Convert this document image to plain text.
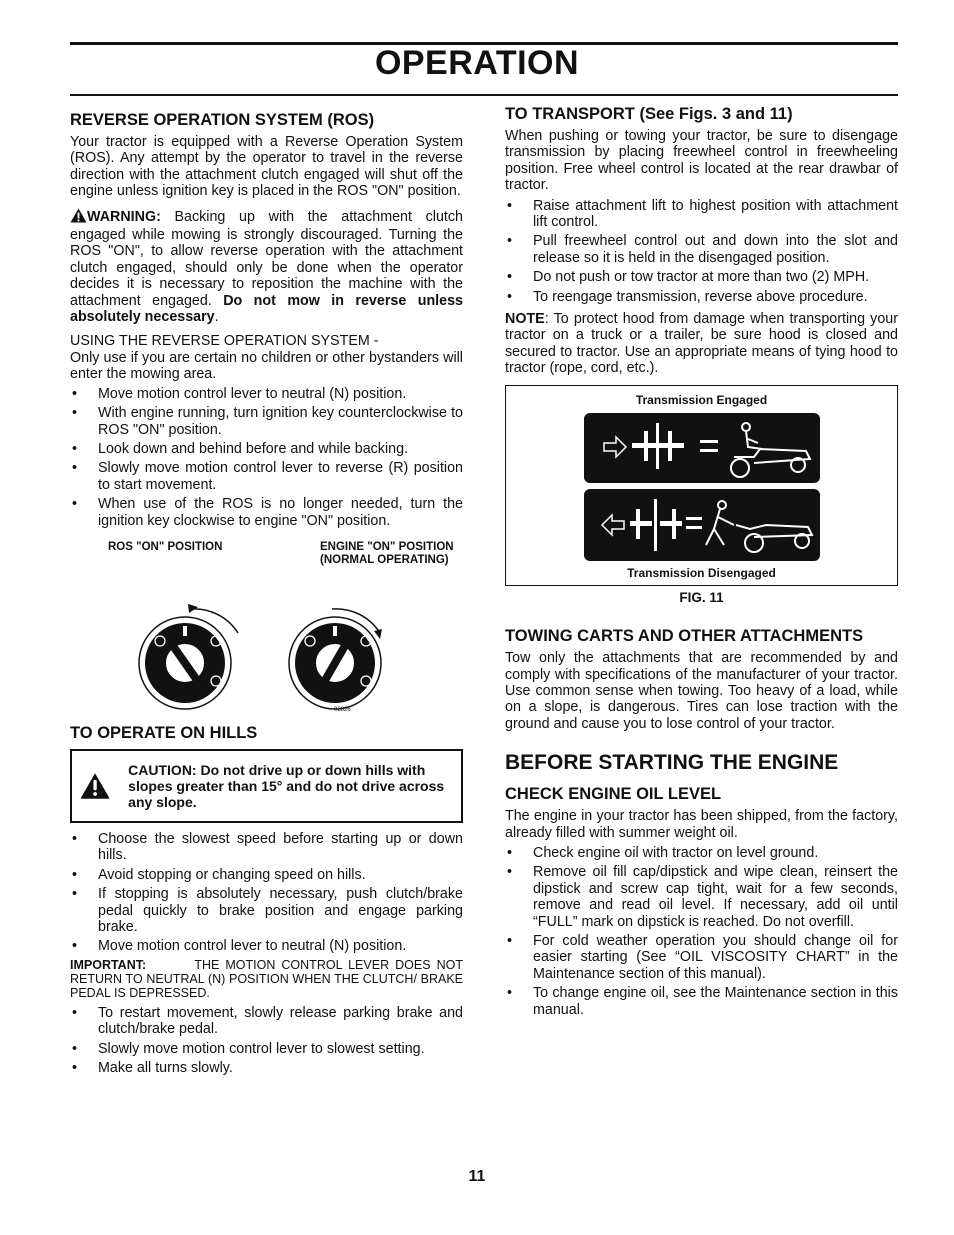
OPERATION
REVERSE OPERATION SYSTEM (ROS)

Your tractor is equipped with a Reverse Operation System (ROS). Any attempt by the operator to travel in the reverse direction with the attachment clutch engaged will shut off the engine unless ignition key is placed in the ROS "ON" position.

WARNING: Backing up with the attachment clutch engaged while mowing is strongly discouraged. Turning the ROS "ON", to allow reverse operation with the attachment clutch engaged, should only be done when the operator decides it is necessary to reposition the machine with the attachment engaged. Do not mow in reverse unless absolutely necessary.

USING THE REVERSE OPERATION SYSTEM -

Only use if you are certain no children or other bystanders will enter the mowing area.

• Move motion control lever to neutral (N) position.
• With engine running, turn ignition key counterclockwise to ROS "ON" position.
• Look down and behind before and while backing.
• Slowly move motion control lever to reverse (R) position to start movement.
• When use of the ROS is no longer needed, turn the ignition key clockwise to engine "ON" position.
ROS "ON" POSITION	ENGINE "ON" POSITION
(NORMAL OPERATING)
02826
TO OPERATE ON HILLS
CAUTION: Do not drive up or down hills with slopes greater than 15° and do not drive across any slope.
• Choose the slowest speed before starting up or down hills.
• Avoid stopping or changing speed on hills.
• If stopping is absolutely necessary, push clutch/brake pedal quickly to brake position and engage parking brake.
• Move motion control lever to neutral (N) position.

IMPORTANT:	THE MOTION CONTROL LEVER DOES NOT RETURN TO NEUTRAL (N) POSITION WHEN THE CLUTCH/ BRAKE PEDAL IS DEPRESSED.

• To restart movement, slowly release parking brake and clutch/brake pedal.
• Slowly move motion control lever to slowest setting.
• Make all turns slowly.
TO TRANSPORT (See Figs. 3 and 11)

When pushing or towing your tractor, be sure to disengage transmission by placing freewheel control in freewheeling position. Free wheel control is located at the rear drawbar of tractor.

• Raise attachment lift to highest position with attachment lift control.
• Pull freewheel control out and down into the slot and release so it is held in the disengaged position.
• Do not push or tow tractor at more than two (2) MPH.
• To reengage transmission, reverse above procedure.

NOTE: To protect hood from damage when transporting your tractor on a truck or a trailer, be sure hood is closed and secured to tractor. Use an appropriate means of tying hood to tractor (rope, cord, etc.).

Transmission Engaged
Transmission Disengaged
FIG. 11
TOWING CARTS AND OTHER ATTACHMENTS

Tow only the attachments that are recommended by and comply with specifications of the manufacturer of your tractor. Use common sense when towing. Too heavy of a load, while on a slope, is dangerous. Tires can lose traction with the ground and cause you to lose control of your tractor.

BEFORE STARTING THE ENGINE
CHECK ENGINE OIL LEVEL

The engine in your tractor has been shipped, from the factory, already filled with summer weight oil.

• Check engine oil with tractor on level ground.
• Remove oil fill cap/dipstick and wipe clean, reinsert the dipstick and screw cap tight, wait for a few seconds, remove and read oil level. If necessary, add oil until “FULL” mark on dipstick is reached. Do not overfill.
• For cold weather operation you should change oil for easier starting (See “OIL VISCOSITY CHART” in the Maintenance section of this manual).
• To change engine oil, see the Maintenance section in this manual.
11
